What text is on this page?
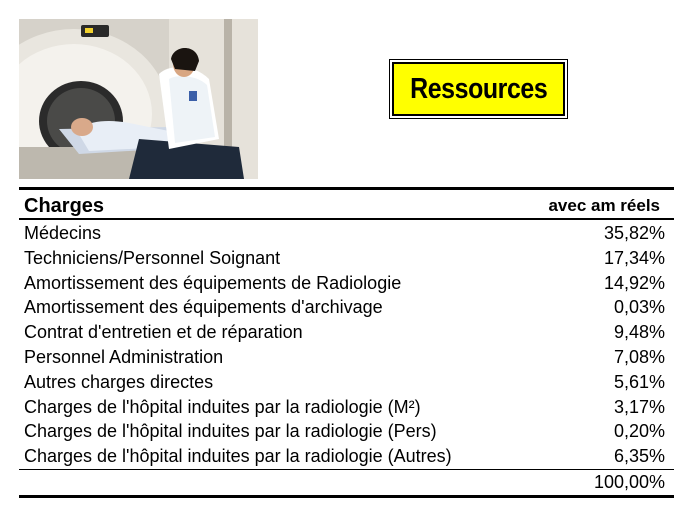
Ressources
Charges	avec am réels
Médecins	35,82%
Techniciens/Personnel Soignant	17,34%
Amortissement des équipements de Radiologie	14,92%
Amortissement des équipements d'archivage	0,03%
Contrat d'entretien et de réparation	9,48%
Personnel Administration	7,08%
Autres charges directes	5,61%
Charges de l'hôpital induites par la radiologie (M²)	3,17%
Charges de l'hôpital induites par la radiologie (Pers)	0,20%
Charges de l'hôpital induites par la radiologie (Autres)	6,35%
100,00%
